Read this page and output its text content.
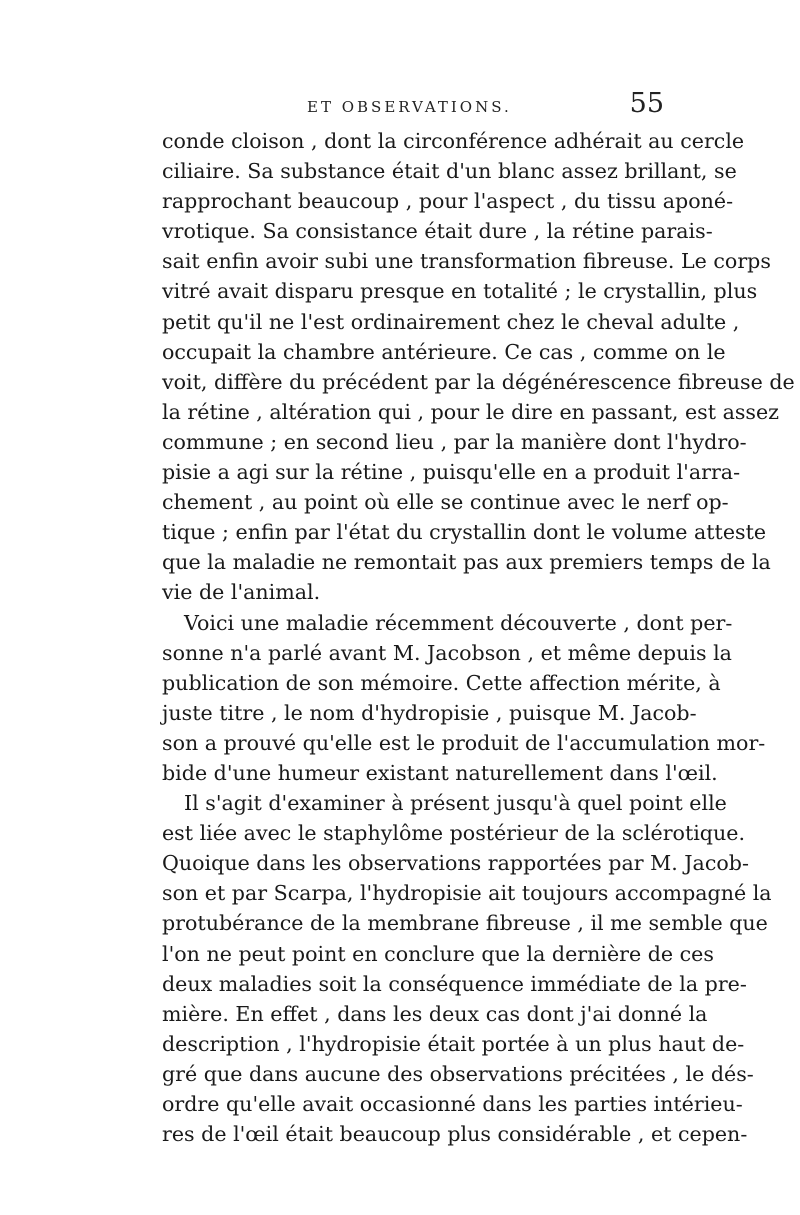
ET OBSERVATIONS.	55
conde cloison , dont la circonférence adhérait au cercle
ciliaire. Sa substance était d'un blanc assez brillant, se
rapprochant beaucoup , pour l'aspect , du tissu aponé-
vrotique. Sa consistance était dure , la rétine parais-
sait enfin avoir subi une transformation fibreuse. Le corps
vitré avait disparu presque en totalité ; le crystallin, plus
petit qu'il ne l'est ordinairement chez le cheval adulte ,
occupait la chambre antérieure. Ce cas , comme on le
voit, diffère du précédent par la dégénérescence fibreuse de
la rétine , altération qui , pour le dire en passant, est assez
commune ; en second lieu , par la manière dont l'hydro-
pisie a agi sur la rétine , puisqu'elle en a produit l'arra-
chement , au point où elle se continue avec le nerf op-
tique ; enfin par l'état du crystallin dont le volume atteste
que la maladie ne remontait pas aux premiers temps de la
vie de l'animal.
Voici une maladie récemment découverte , dont per-
sonne n'a parlé avant M. Jacobson , et même depuis la
publication de son mémoire. Cette affection mérite, à
juste titre , le nom d'hydropisie , puisque M. Jacob-
son a prouvé qu'elle est le produit de l'accumulation mor-
bide d'une humeur existant naturellement dans l'œil.
Il s'agit d'examiner à présent jusqu'à quel point elle
est liée avec le staphylôme postérieur de la sclérotique.
Quoique dans les observations rapportées par M. Jacob-
son et par Scarpa, l'hydropisie ait toujours accompagné la
protubérance de la membrane fibreuse , il me semble que
l'on ne peut point en conclure que la dernière de ces
deux maladies soit la conséquence immédiate de la pre-
mière. En effet , dans les deux cas dont j'ai donné la
description , l'hydropisie était portée à un plus haut de-
gré que dans aucune des observations précitées , le dés-
ordre qu'elle avait occasionné dans les parties intérieu-
res de l'œil était beaucoup plus considérable , et cepen-
